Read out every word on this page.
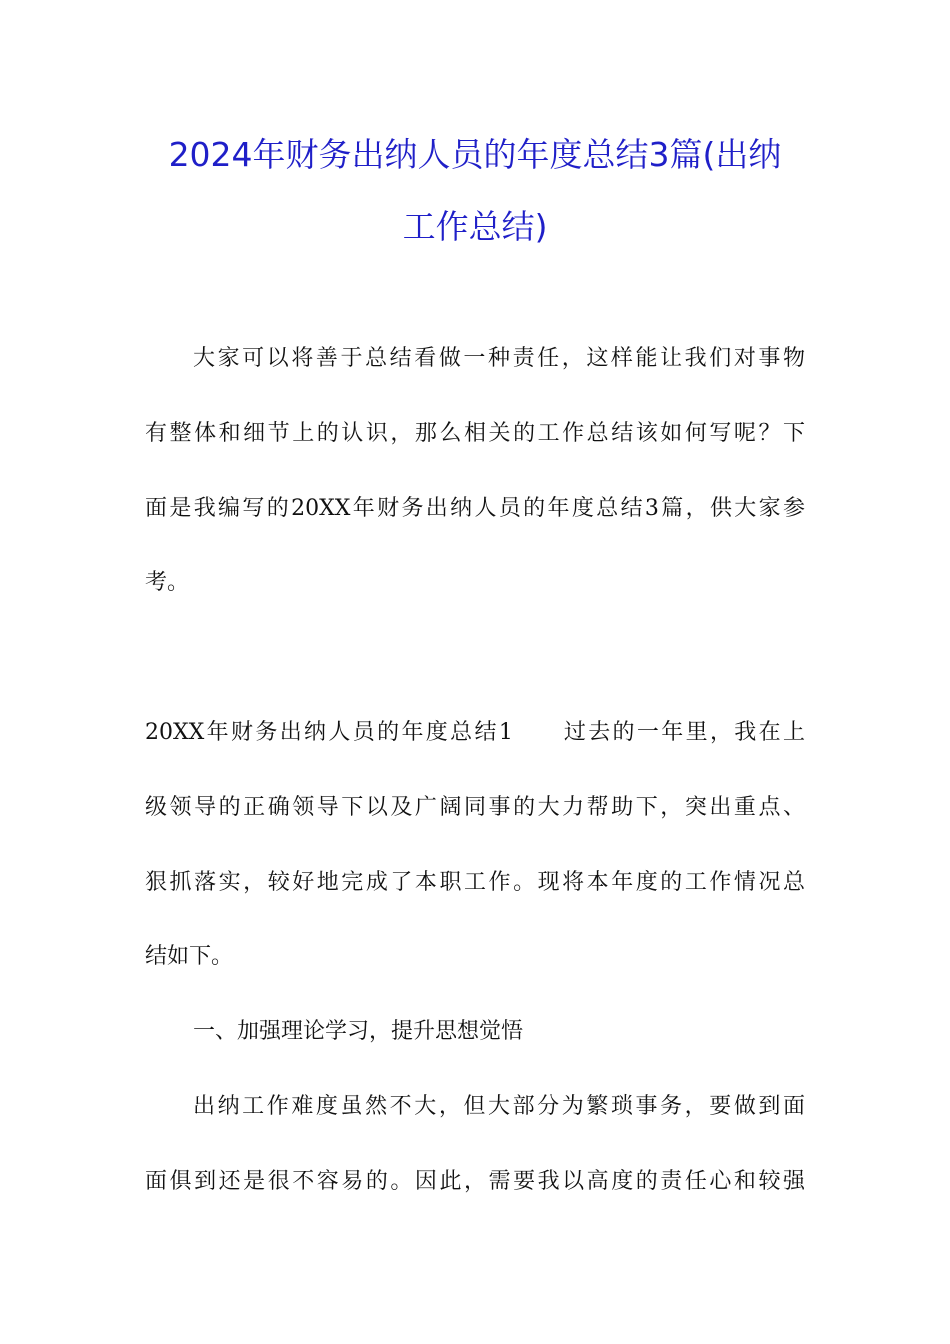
2024年财务出纳人员的年度总结3篇(出纳
工作总结)
大家可以将善于总结看做一种责任，这样能让我们对事物
有整体和细节上的认识，那么相关的工作总结该如何写呢？下
面是我编写的20XX年财务出纳人员的年度总结3篇，供大家参
考。
20XX年财务出纳人员的年度总结1　　过去的一年里，我在上
级领导的正确领导下以及广阔同事的大力帮助下，突出重点、
狠抓落实，较好地完成了本职工作。现将本年度的工作情况总
结如下。
一、加强理论学习，提升思想觉悟
出纳工作难度虽然不大，但大部分为繁琐事务，要做到面
面俱到还是很不容易的。因此，需要我以高度的责任心和较强
